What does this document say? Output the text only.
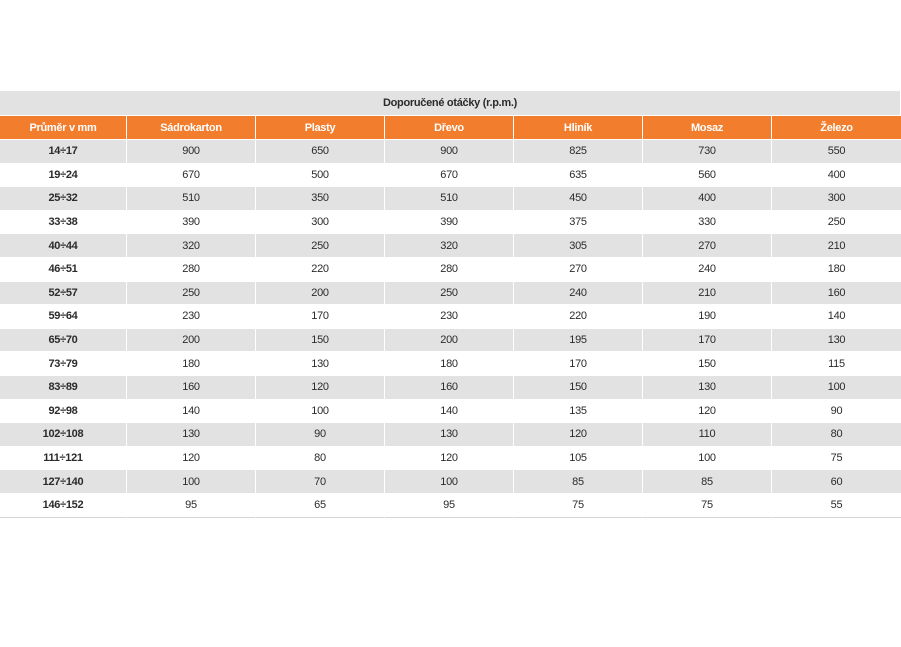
Doporučené otáčky (r.p.m.)
Průměr v mm	Sádrokarton	Plasty	Dřevo	Hliník	Mosaz	Železo
14÷17	900	650	900	825	730	550
19÷24	670	500	670	635	560	400
25÷32	510	350	510	450	400	300
33÷38	390	300	390	375	330	250
40÷44	320	250	320	305	270	210
46÷51	280	220	280	270	240	180
52÷57	250	200	250	240	210	160
59÷64	230	170	230	220	190	140
65÷70	200	150	200	195	170	130
73÷79	180	130	180	170	150	115
83÷89	160	120	160	150	130	100
92÷98	140	100	140	135	120	90
102÷108	130	90	130	120	110	80
111÷121	120	80	120	105	100	75
127÷140	100	70	100	85	85	60
146÷152	95	65	95	75	75	55
